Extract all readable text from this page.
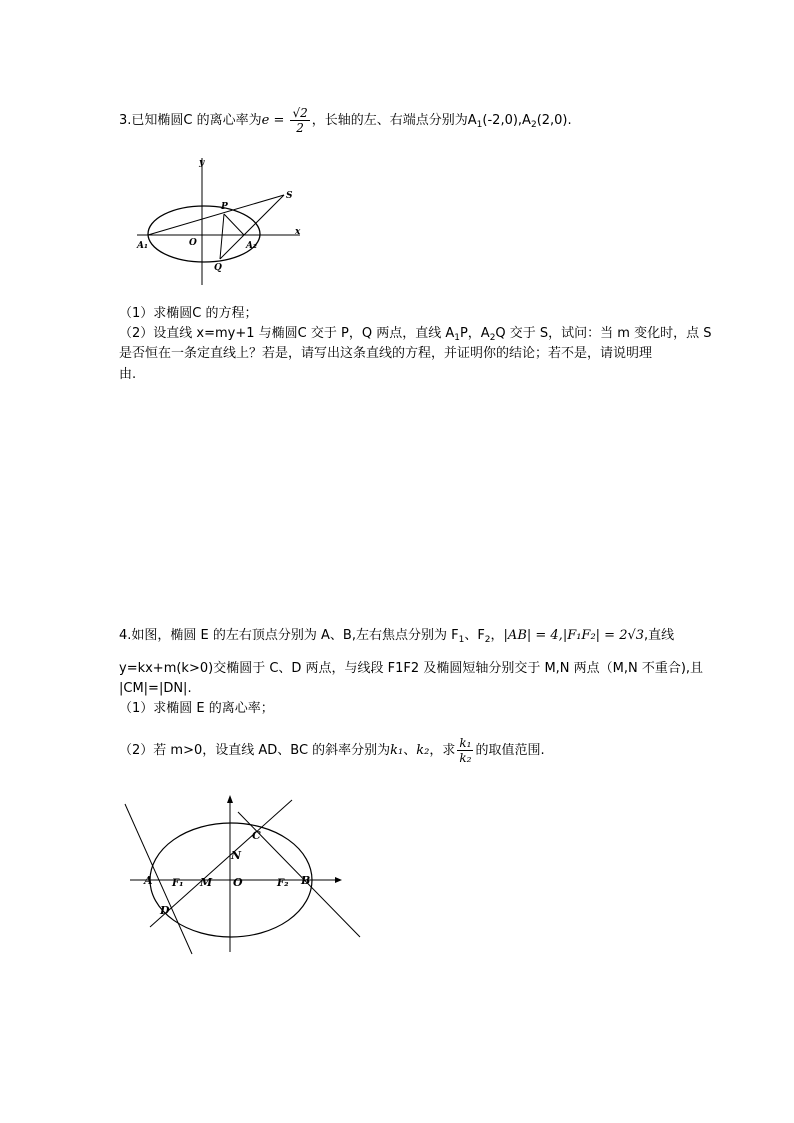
3.已知椭圆C 的离心率为$e = \frac{√2}{2}$ ，长轴的左、右端点分别为$A_1(-2,0),A_2(2,0)$.
y
x
O
A₁	A₂
P
Q
S
（1）求椭圆C 的方程；
（2）设直线 x=my+1 与椭圆C 交于 P，Q 两点，直线 $A_1P$，$A_2Q$ 交于 S，试问：当 m 变化时，点 S
是否恒在一条定直线上？若是，请写出这条直线的方程，并证明你的结论；若不是，请说明理
由.
4.如图，椭圆 E 的左右顶点分别为 A、B,左右焦点分别为 $F_1$、$F_2$，|AB| = 4,|F₁F₂| = 2√3,直线
y=kx+m(k>0)交椭圆于 C、D 两点，与线段 F1F2 及椭圆短轴分别交于 M,N 两点（M,N 不重合),且
|CM|=|DN|.
（1）求椭圆 E 的离心率；
（2）若 m>0，设直线 AD、BC 的斜率分别为k₁、k₂，求 $\frac{\text{k₁}}{\text{k₂}}$ 的取值范围.
A	B
C
D
F₁	F₂
M
N
O
